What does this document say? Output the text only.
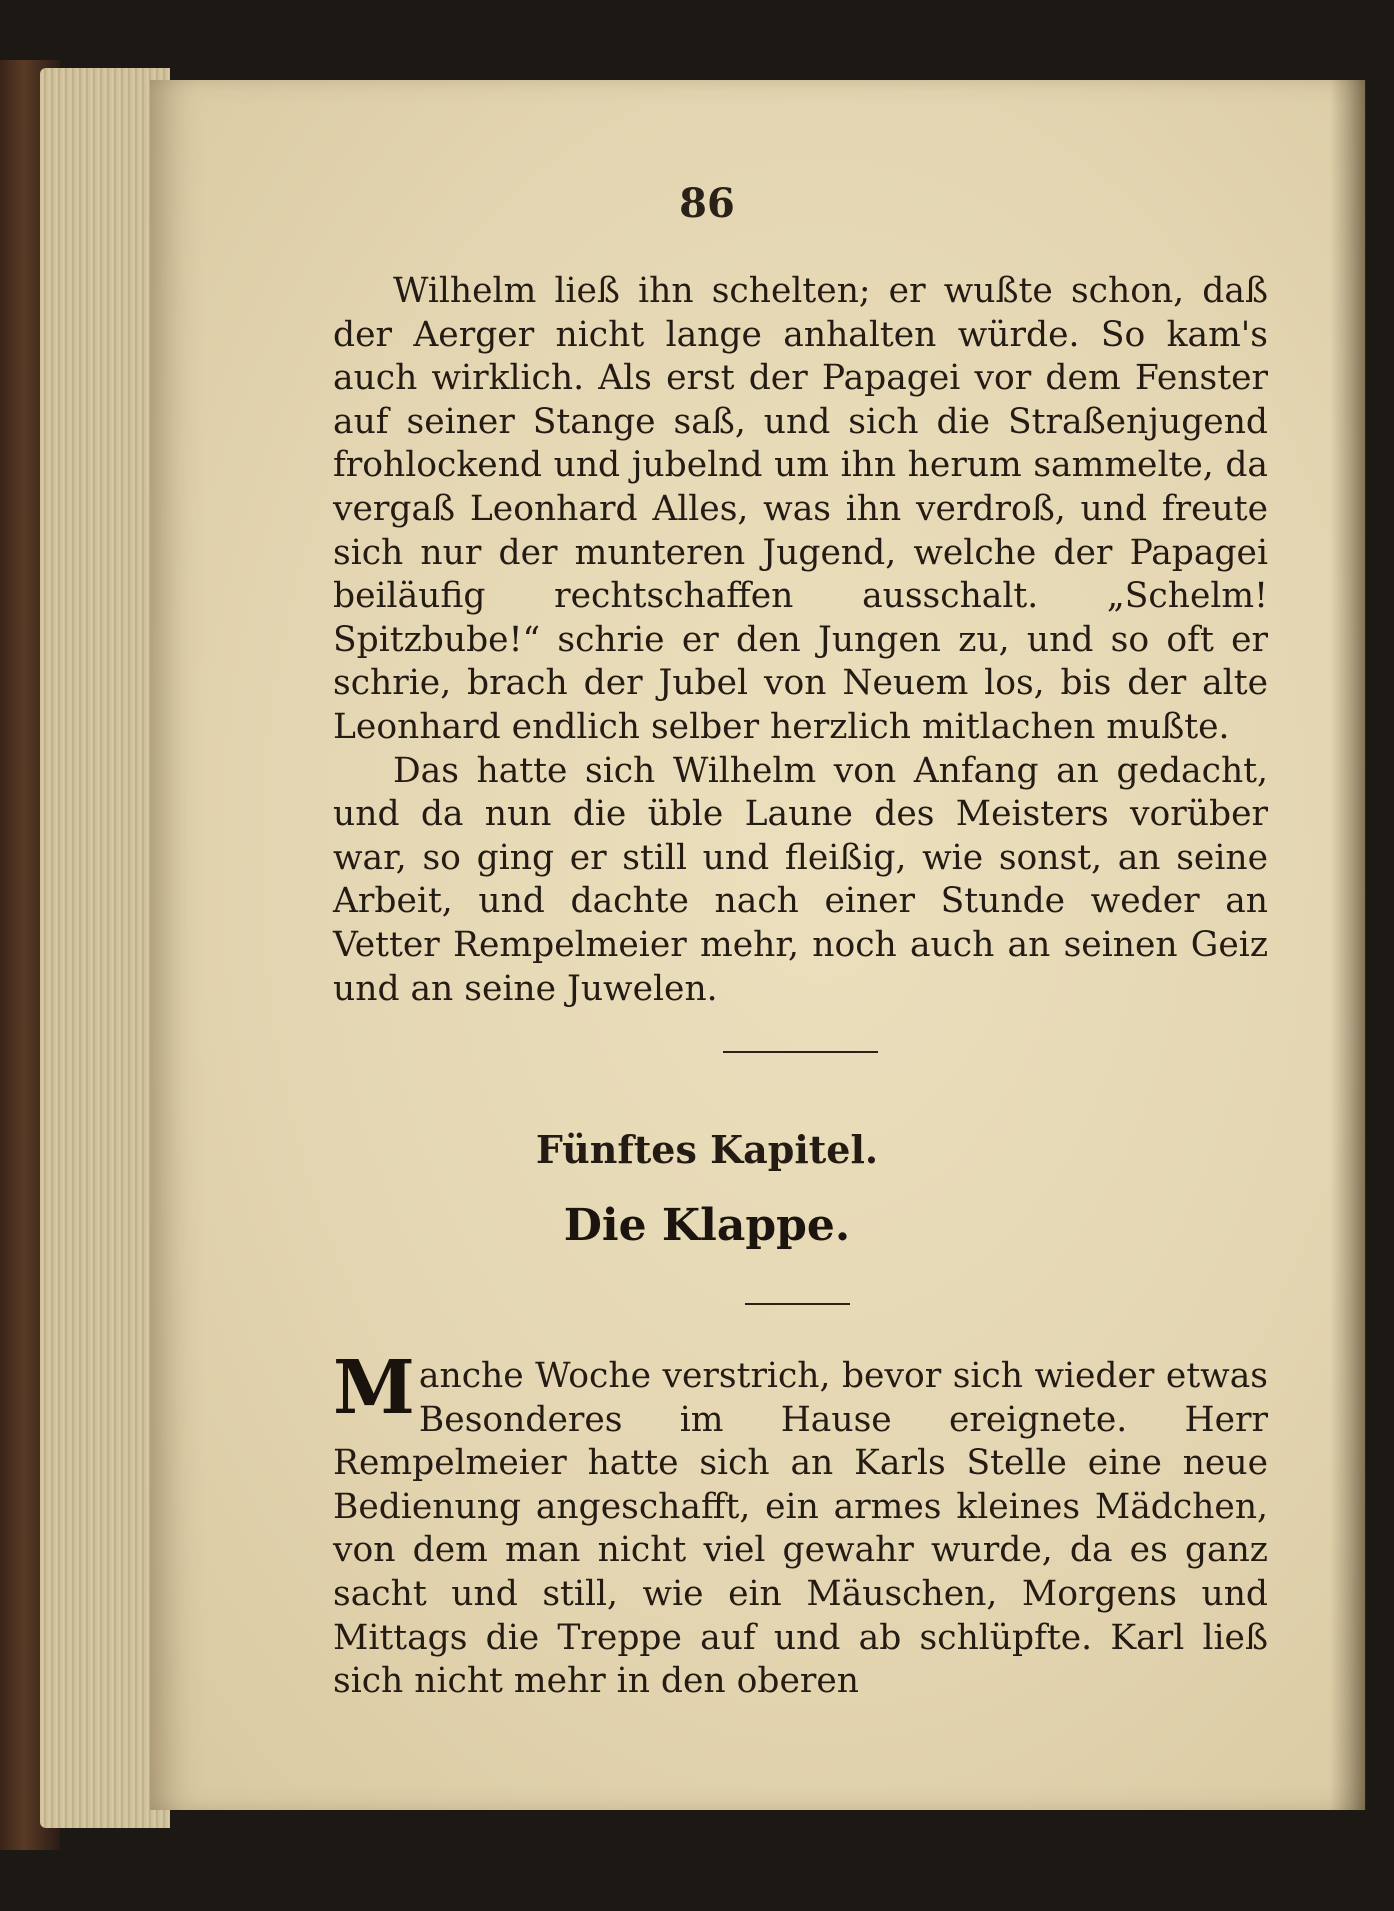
86

Wilhelm ließ ihn schelten; er wußte schon, daß der Aerger nicht lange anhalten würde. So kam's auch wirklich. Als erst der Papagei vor dem Fenster auf seiner Stange saß, und sich die Straßenjugend frohlockend und jubelnd um ihn herum sammelte, da vergaß Leonhard Alles, was ihn verdroß, und freute sich nur der munteren Jugend, welche der Papagei beiläufig rechtschaffen ausschalt. „Schelm! Spitzbube!“ schrie er den Jungen zu, und so oft er schrie, brach der Jubel von Neuem los, bis der alte Leonhard endlich selber herzlich mitlachen mußte.

Das hatte sich Wilhelm von Anfang an gedacht, und da nun die üble Laune des Meisters vorüber war, so ging er still und fleißig, wie sonst, an seine Arbeit, und dachte nach einer Stunde weder an Vetter Rempelmeier mehr, noch auch an seinen Geiz und an seine Juwelen.

Fünftes Kapitel.
Die Klappe.

Manche Woche verstrich, bevor sich wieder etwas Besonderes im Hause ereignete. Herr Rempelmeier hatte sich an Karls Stelle eine neue Bedienung angeschafft, ein armes kleines Mädchen, von dem man nicht viel gewahr wurde, da es ganz sacht und still, wie ein Mäuschen, Morgens und Mittags die Treppe auf und ab schlüpfte. Karl ließ sich nicht mehr in den oberen
